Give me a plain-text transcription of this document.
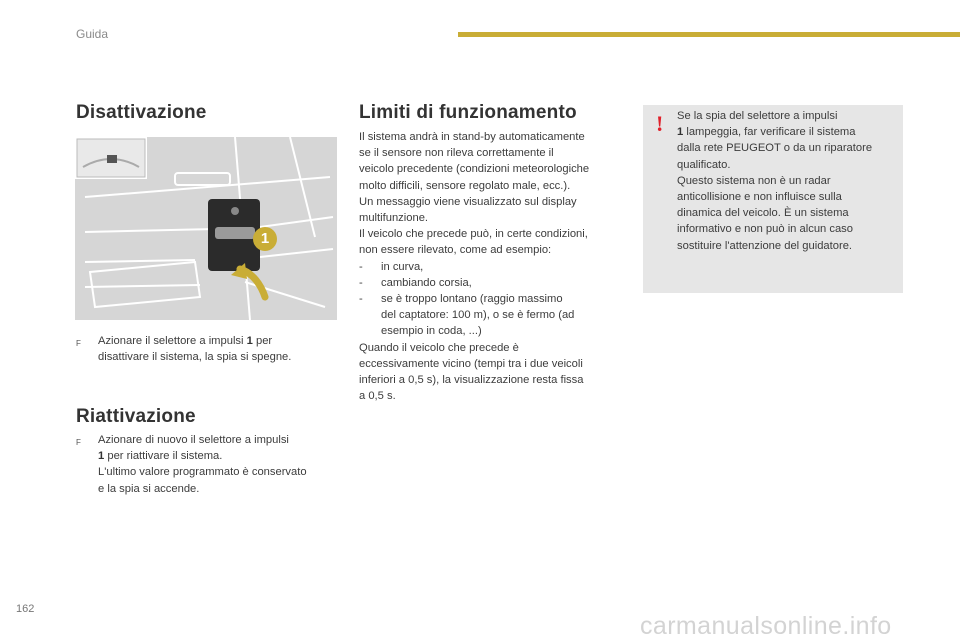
Guida
Disattivazione
1
F	Azionare il selettore a impulsi 1 per
disattivare il sistema, la spia si spegne.
Riattivazione
F	Azionare di nuovo il selettore a impulsi
1 per riattivare il sistema.
L'ultimo valore programmato è conservato
e la spia si accende.
Limiti di funzionamento
Il sistema andrà in stand-by automaticamente
se il sensore non rileva correttamente il
veicolo precedente (condizioni meteorologiche
molto difficili, sensore regolato male, ecc.).
Un messaggio viene visualizzato sul display
multifunzione.
Il veicolo che precede può, in certe condizioni,
non essere rilevato, come ad esempio:
-	in curva,
-	cambiando corsia,
-	se è troppo lontano (raggio massimo
del captatore: 100 m), o se è fermo (ad
esempio in coda, ...)
Quando il veicolo che precede è
eccessivamente vicino (tempi tra i due veicoli
inferiori a 0,5 s), la visualizzazione resta fissa
a 0,5 s.
! Se la spia del selettore a impulsi
1 lampeggia, far verificare il sistema
dalla rete PEUGEOT o da un riparatore
qualificato.
Questo sistema non è un radar
anticollisione e non influisce sulla
dinamica del veicolo. È un sistema
informativo e non può in alcun caso
sostituire l'attenzione del guidatore.
162
carmanualsonline.info
